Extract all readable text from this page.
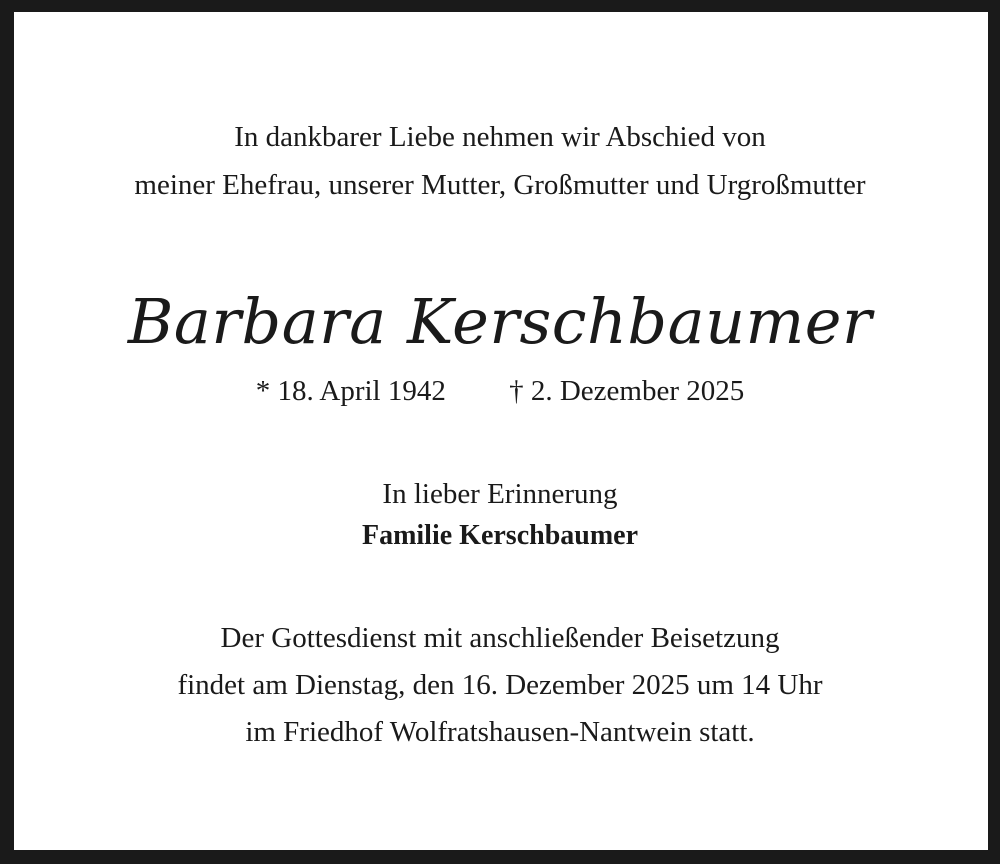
In dankbarer Liebe nehmen wir Abschied von
meiner Ehefrau, unserer Mutter, Großmutter und Urgroßmutter
Barbara Kerschbaumer
* 18. April 1942 † 2. Dezember 2025
In lieber Erinnerung
Familie Kerschbaumer
Der Gottesdienst mit anschließender Beisetzung
findet am Dienstag, den 16. Dezember 2025 um 14 Uhr
im Friedhof Wolfratshausen-Nantwein statt.
